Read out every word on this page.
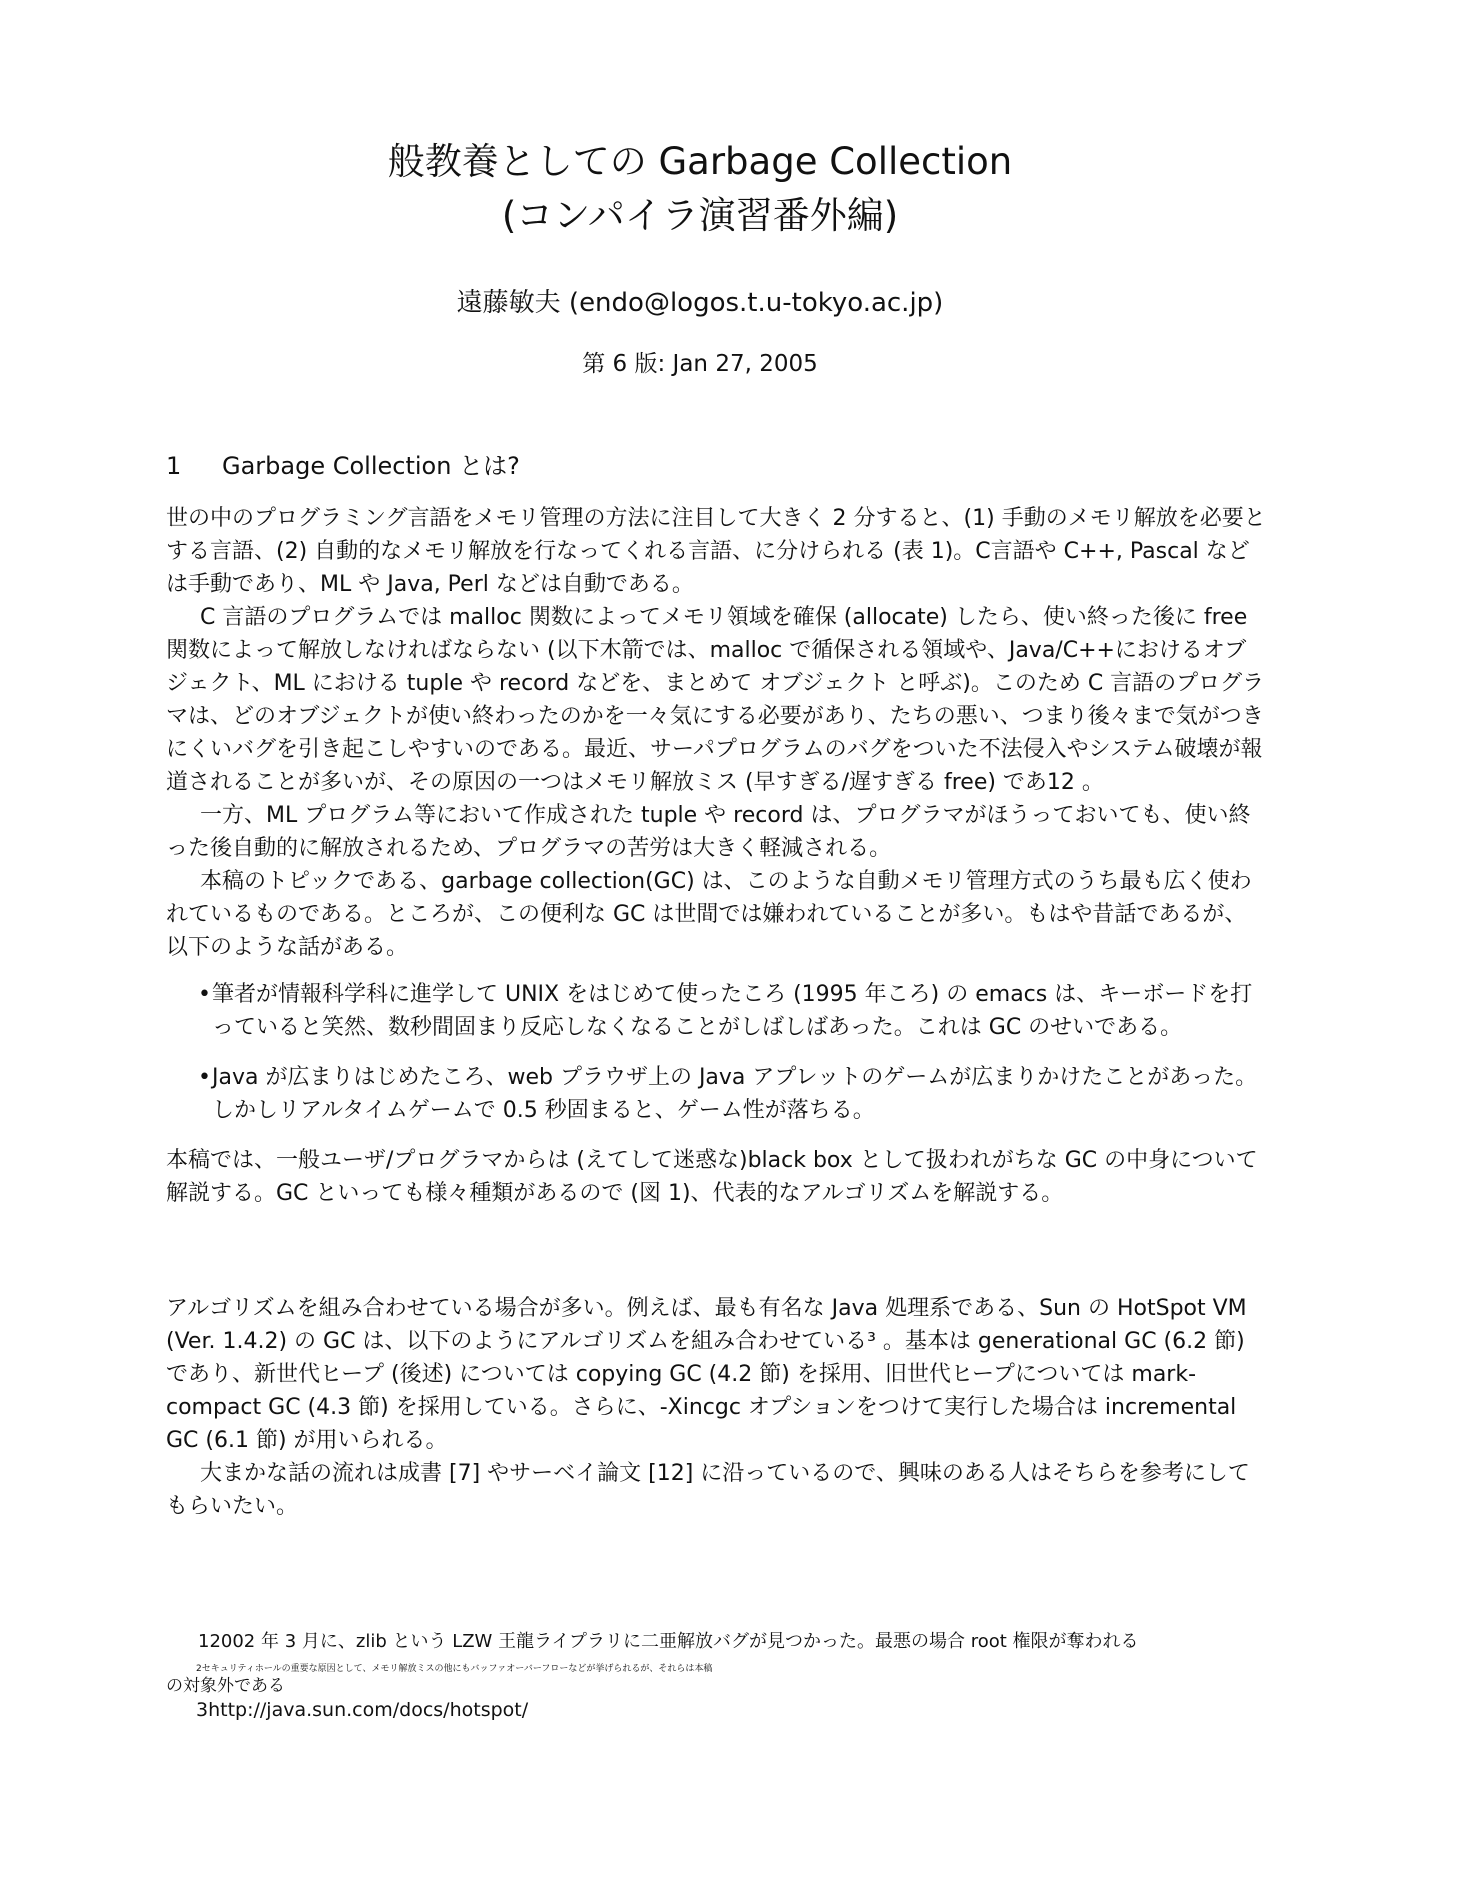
般教養としての Garbage Collection
(コンパイラ演習番外編)
遠藤敏夫 (endo@logos.t.u-tokyo.ac.jp)
第 6 版: Jan 27, 2005
1 Garbage Collection とは?

世の中のプログラミング言語をメモリ管理の方法に注目して大きく 2 分すると、(1) 手動のメモリ解放を必要とする言語、(2) 自動的なメモリ解放を行なってくれる言語、に分けられる (表 1)。C言語や C++, Pascal などは手動であり、ML や Java, Perl などは自動である。

C 言語のプログラムでは malloc 関数によってメモリ領域を確保 (allocate) したら、使い終った後に free 関数によって解放しなければならない (以下木箭では、malloc で循保される領域や、Java/C++におけるオブジェクト、ML における tuple や record などを、まとめて オブジェクト と呼ぶ)。このため C 言語のプログラマは、どのオブジェクトが使い終わったのかを一々気にする必要があり、たちの悪い、つまり後々まで気がつきにくいバグを引き起こしやすいのである。最近、サーパプログラムのバグをついた不法侵入やシステム破壊が報道されることが多いが、その原因の一つはメモリ解放ミス (早すぎる/遅すぎる free) であ12 。

一方、ML プログラム等において作成された tuple や record は、プログラマがほうっておいても、使い終った後自動的に解放されるため、プログラマの苦労は大きく軽減される。

本稿のトピックである、garbage collection(GC) は、このような自動メモリ管理方式のうち最も広く使われているものである。ところが、この便利な GC は世間では嫌われていることが多い。もはや昔話であるが、以下のような話がある。

• 筆者が情報科学科に進学して UNIX をはじめて使ったころ (1995 年ころ) の emacs は、キーボードを打っていると笑然、数秒間固まり反応しなくなることがしばしばあった。これは GC のせいである。
• Java が広まりはじめたころ、web プラウザ上の Java アプレットのゲームが広まりかけたことがあった。しかしリアルタイムゲームで 0.5 秒固まると、ゲーム性が落ちる。

本稿では、一般ユーザ/プログラマからは (えてして迷惑な)black box として扱われがちな GC の中身について解説する。GC といっても様々種類があるので (図 1)、代表的なアルゴリズムを解説する。

アルゴリズムを組み合わせている場合が多い。例えば、最も有名な Java 処理系である、Sun の HotSpot VM (Ver. 1.4.2) の GC は、以下のようにアルゴリズムを組み合わせている³ 。基本は generational GC (6.2 節) であり、新世代ヒープ (後述) については copying GC (4.2 節) を採用、旧世代ヒープについては mark-compact GC (4.3 節) を採用している。さらに、-Xincgc オプションをつけて実行した場合は incremental GC (6.1 節) が用いられる。

大まかな話の流れは成書 [7] やサーベイ論文 [12] に沿っているので、興味のある人はそちらを参考にしてもらいたい。

12002 年 3 月に、zlib という LZW 王龍ライプラリに二亜解放バグが見つかった。最悪の場合 root 権限が奪われる
2セキュリティホールの重要な原因として、メモリ解放ミスの他にもバッファオーバーフローなどが挙げられるが、それらは本稿
の対象外である
3http://java.sun.com/docs/hotspot/
